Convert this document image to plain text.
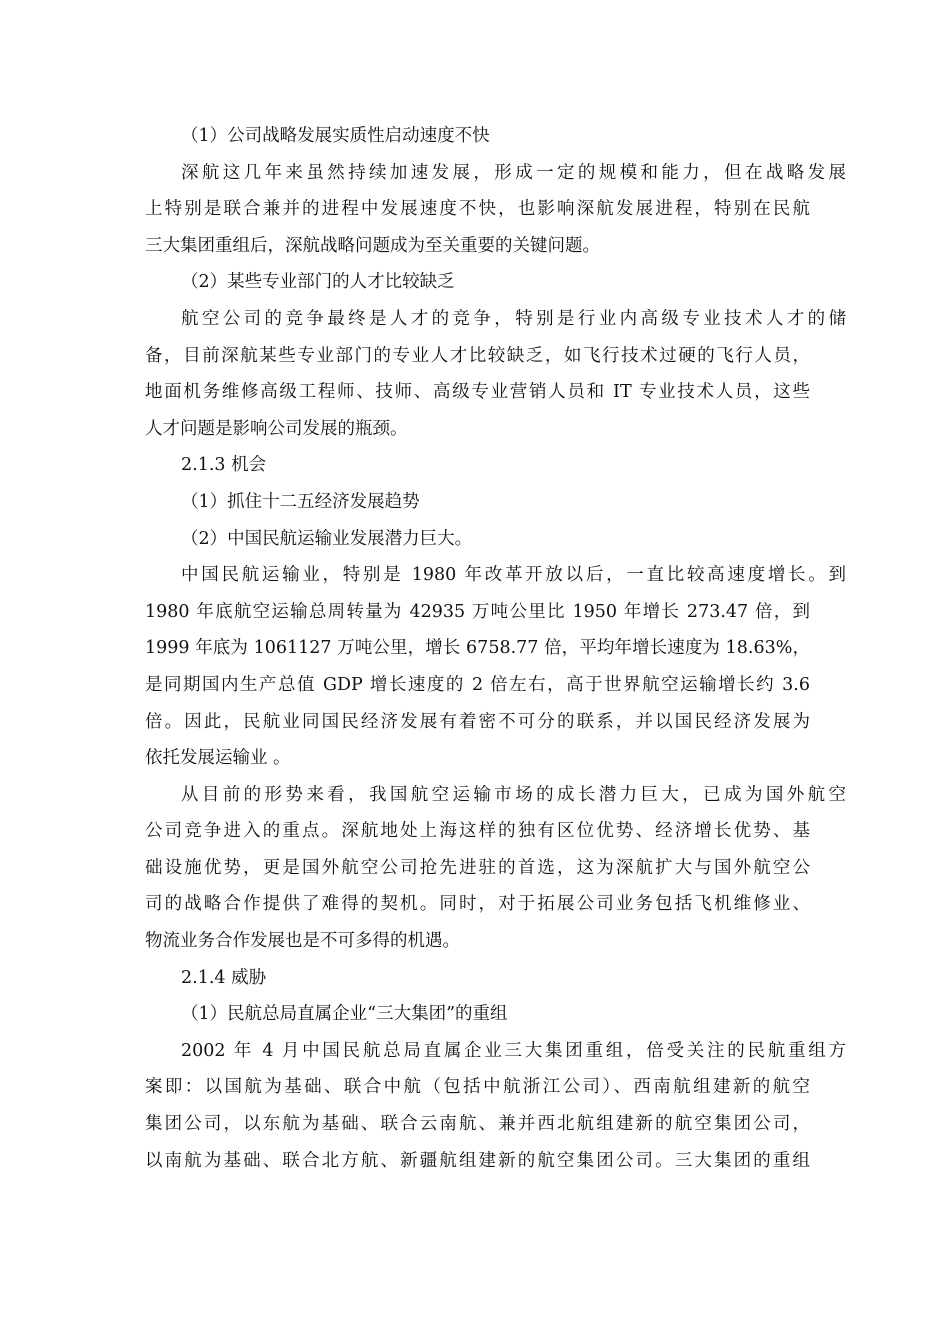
（1）公司战略发展实质性启动速度不快
深航这几年来虽然持续加速发展，形成一定的规模和能力，但在战略发展
上特别是联合兼并的进程中发展速度不快，也影响深航发展进程，特别在民航
三大集团重组后，深航战略问题成为至关重要的关键问题。
（2）某些专业部门的人才比较缺乏
航空公司的竞争最终是人才的竞争，特别是行业内高级专业技术人才的储
备，目前深航某些专业部门的专业人才比较缺乏，如飞行技术过硬的飞行人员，
地面机务维修高级工程师、技师、高级专业营销人员和 IT 专业技术人员，这些
人才问题是影响公司发展的瓶颈。
2.1.3 机会
（1）抓住十二五经济发展趋势
（2）中国民航运输业发展潜力巨大。
中国民航运输业，特别是 1980 年改革开放以后，一直比较高速度增长。到
1980 年底航空运输总周转量为 42935 万吨公里比 1950 年增长 273.47 倍，到
1999 年底为 1061127 万吨公里，增长 6758.77 倍，平均年增长速度为 18.63%，
是同期国内生产总值 GDP 增长速度的 2 倍左右，高于世界航空运输增长约 3.6
倍。因此，民航业同国民经济发展有着密不可分的联系，并以国民经济发展为
依托发展运输业 。
从目前的形势来看，我国航空运输市场的成长潜力巨大，已成为国外航空
公司竞争进入的重点。深航地处上海这样的独有区位优势、经济增长优势、基
础设施优势，更是国外航空公司抢先进驻的首选，这为深航扩大与国外航空公
司的战略合作提供了难得的契机。同时，对于拓展公司业务包括飞机维修业、
物流业务合作发展也是不可多得的机遇。
2.1.4 威胁
（1）民航总局直属企业“三大集团”的重组
2002 年 4 月中国民航总局直属企业三大集团重组，倍受关注的民航重组方
案即：以国航为基础、联合中航（包括中航浙江公司）、西南航组建新的航空
集团公司，以东航为基础、联合云南航、兼并西北航组建新的航空集团公司，
以南航为基础、联合北方航、新疆航组建新的航空集团公司。三大集团的重组
